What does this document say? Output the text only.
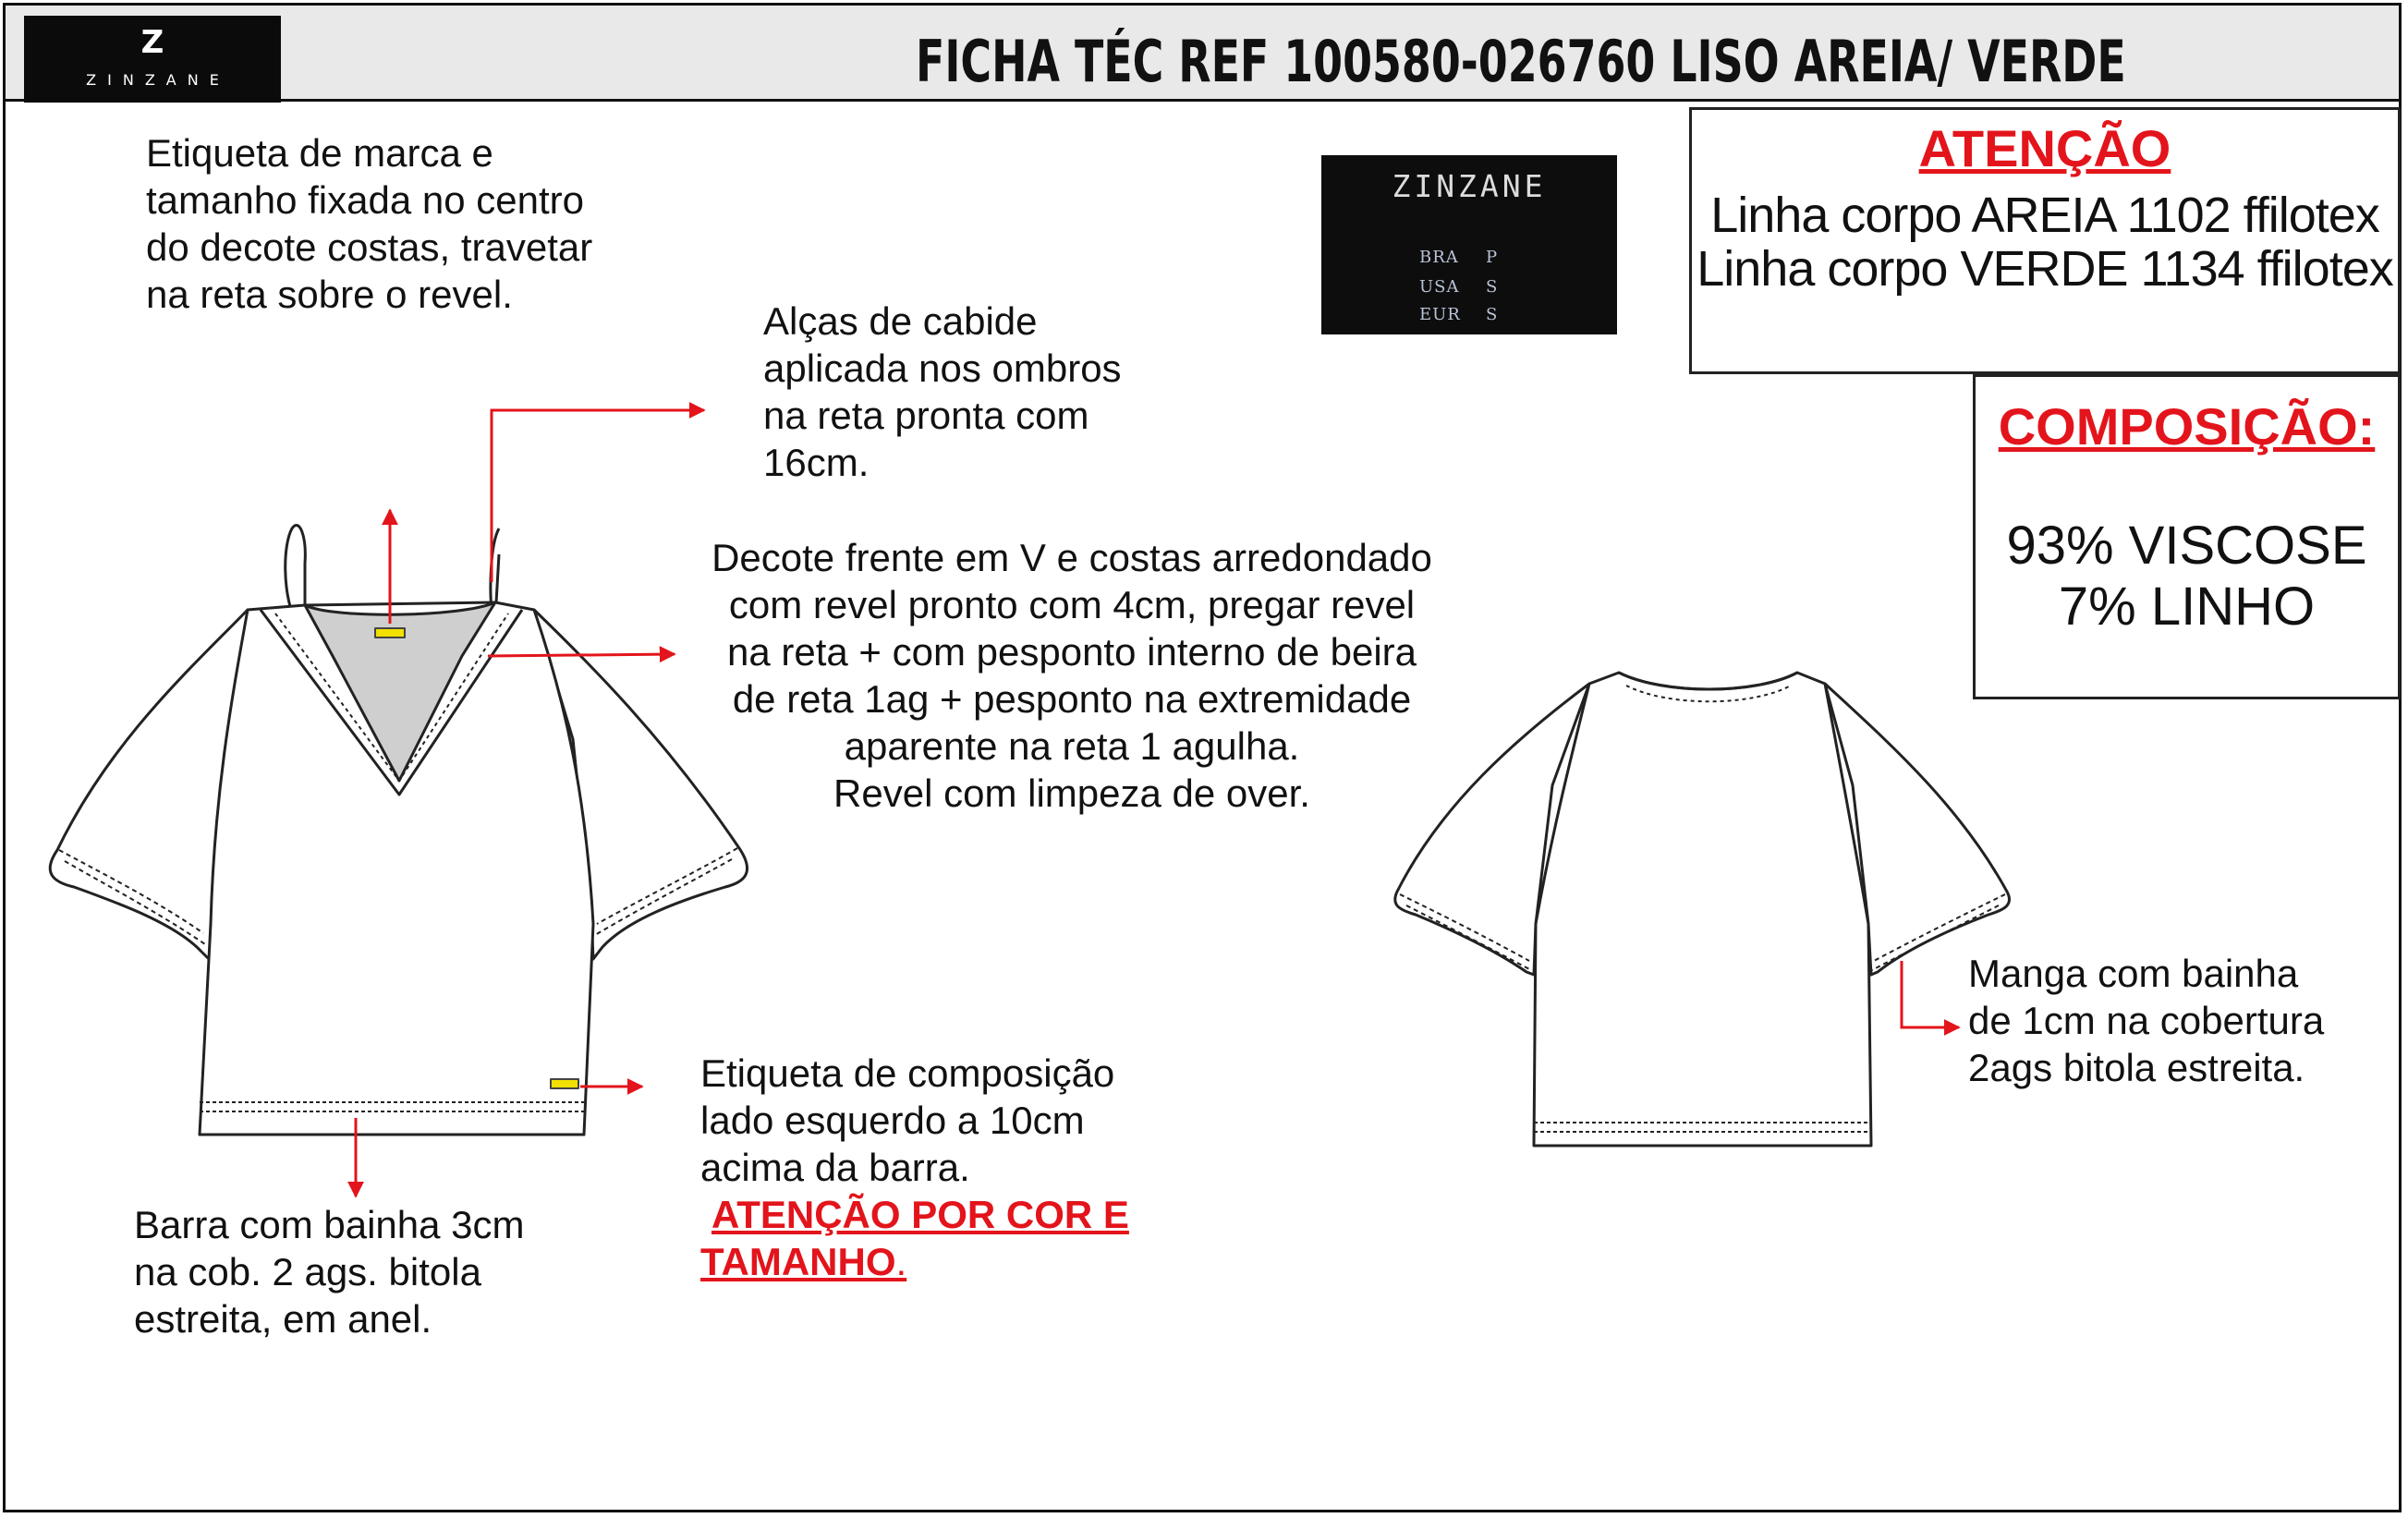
Z
ZINZANE	FICHA TÉC REF 100580-026760 LISO AREIA/ VERDE
ATENÇÃO
Linha corpo AREIA 1102 ffilotex
Linha corpo VERDE 1134 ffilotex
COMPOSIÇÃO:
93% VISCOSE
7% LINHO
ZINZANE
BRA P
USA S
EUR S
Etiqueta de marca e
tamanho fixada no centro
do decote costas, travetar
na reta sobre o revel.
Alças de cabide
aplicada nos ombros
na reta pronta com
16cm.
Decote frente em V e costas arredondado
com revel pronto com 4cm, pregar revel
na reta + com pesponto interno de beira
de reta 1ag + pesponto na extremidade
aparente na reta 1 agulha.
Revel com limpeza de over.
Etiqueta de composição
lado esquerdo a 10cm
acima da barra.
ATENÇÃO POR COR E
TAMANHO.
Barra com bainha 3cm
na cob. 2 ags. bitola
estreita, em anel.
Manga com bainha
de 1cm na cobertura
2ags bitola estreita.
